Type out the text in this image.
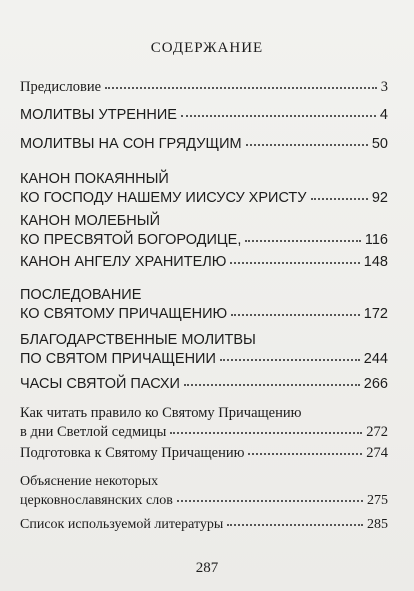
СОДЕРЖАНИЕ
Предисловие	3
МОЛИТВЫ УТРЕННИЕ	4
МОЛИТВЫ НА СОН ГРЯДУЩИМ	50
КАНОН ПОКАЯННЫЙ
КО ГОСПОДУ НАШЕМУ ИИСУСУ ХРИСТУ	92
КАНОН МОЛЕБНЫЙ
КО ПРЕСВЯТОЙ БОГОРОДИЦЕ,	116
КАНОН АНГЕЛУ ХРАНИТЕЛЮ	148
ПОСЛЕДОВАНИЕ
КО СВЯТОМУ ПРИЧАЩЕНИЮ	172
БЛАГОДАРСТВЕННЫЕ МОЛИТВЫ
ПО СВЯТОМ ПРИЧАЩЕНИИ	244
ЧАСЫ СВЯТОЙ ПАСХИ	266
Как читать правило ко Святому Причащению
в дни Светлой седмицы	272
Подготовка к Святому Причащению	274
Объяснение некоторых
церковнославянских слов	275
Список используемой литературы	285
287
